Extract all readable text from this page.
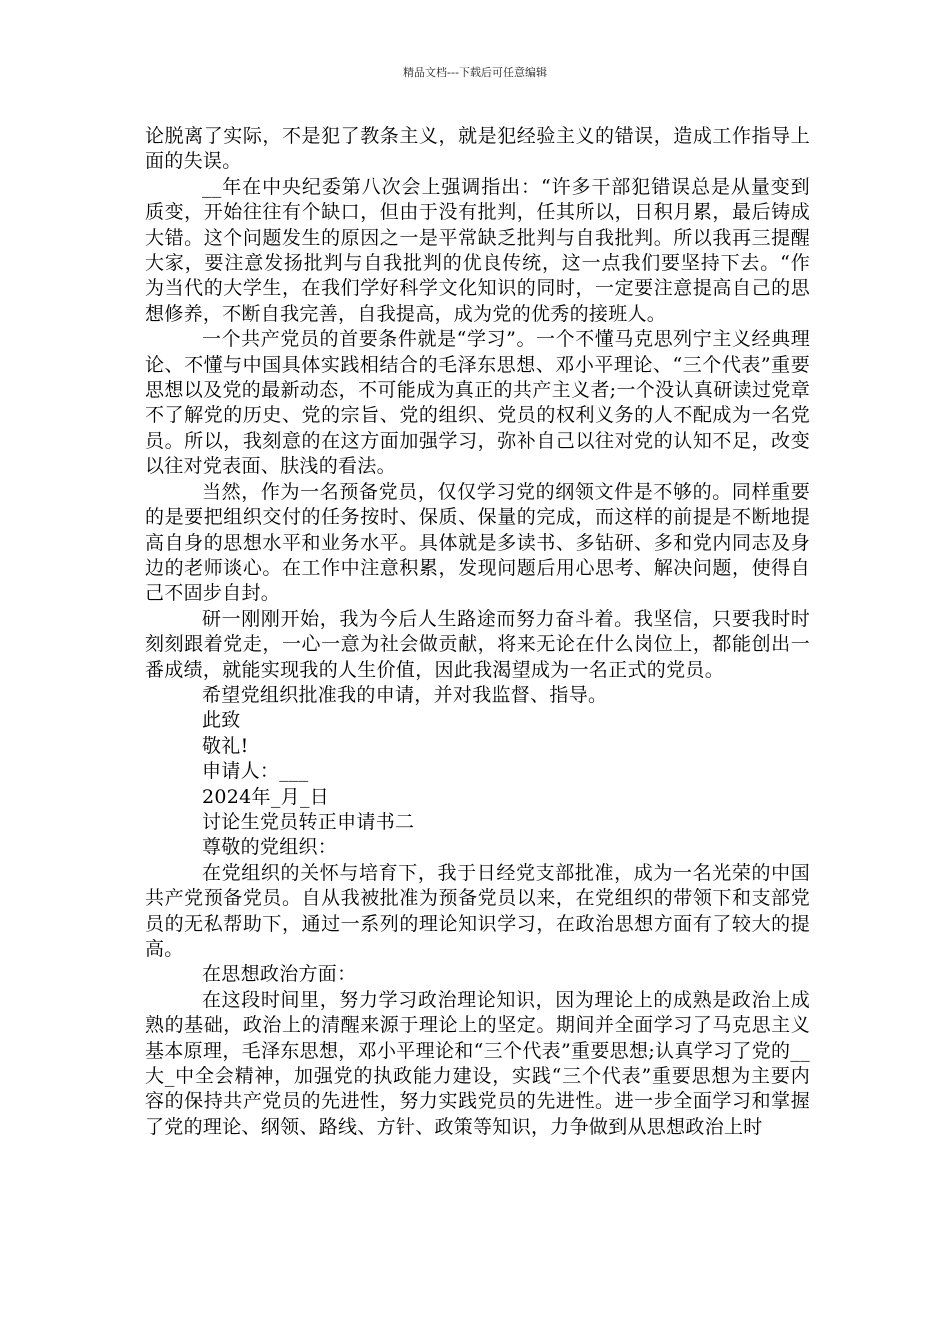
精品文档---下载后可任意编辑

论脱离了实际，不是犯了教条主义，就是犯经验主义的错误，造成工作指导上面的失误。

__年在中央纪委第八次会上强调指出：“许多干部犯错误总是从量变到质变，开始往往有个缺口，但由于没有批判，任其所以，日积月累，最后铸成大错。这个问题发生的原因之一是平常缺乏批判与自我批判。所以我再三提醒大家，要注意发扬批判与自我批判的优良传统，这一点我们要坚持下去。“作为当代的大学生，在我们学好科学文化知识的同时，一定要注意提高自己的思想修养，不断自我完善，自我提高，成为党的优秀的接班人。

一个共产党员的首要条件就是“学习”。一个不懂马克思列宁主义经典理论、不懂与中国具体实践相结合的毛泽东思想、邓小平理论、“三个代表”重要思想以及党的最新动态，不可能成为真正的共产主义者;一个没认真研读过党章不了解党的历史、党的宗旨、党的组织、党员的权利义务的人不配成为一名党员。所以，我刻意的在这方面加强学习，弥补自己以往对党的认知不足，改变以往对党表面、肤浅的看法。

当然，作为一名预备党员，仅仅学习党的纲领文件是不够的。同样重要的是要把组织交付的任务按时、保质、保量的完成，而这样的前提是不断地提高自身的思想水平和业务水平。具体就是多读书、多钻研、多和党内同志及身边的老师谈心。在工作中注意积累，发现问题后用心思考、解决问题，使得自己不固步自封。

研一刚刚开始，我为今后人生路途而努力奋斗着。我坚信，只要我时时刻刻跟着党走，一心一意为社会做贡献，将来无论在什么岗位上，都能创出一番成绩，就能实现我的人生价值，因此我渴望成为一名正式的党员。

希望党组织批准我的申请，并对我监督、指导。

此致

敬礼!

申请人：___

2024年_月_日

讨论生党员转正申请书二

尊敬的党组织：

在党组织的关怀与培育下，我于日经党支部批准，成为一名光荣的中国共产党预备党员。自从我被批准为预备党员以来，在党组织的带领下和支部党员的无私帮助下，通过一系列的理论知识学习，在政治思想方面有了较大的提高。

在思想政治方面：

在这段时间里，努力学习政治理论知识，因为理论上的成熟是政治上成熟的基础，政治上的清醒来源于理论上的坚定。期间并全面学习了马克思主义基本原理，毛泽东思想，邓小平理论和“三个代表”重要思想;认真学习了党的__大_中全会精神，加强党的执政能力建设，实践“三个代表”重要思想为主要内容的保持共产党员的先进性，努力实践党员的先进性。进一步全面学习和掌握了党的理论、纲领、路线、方针、政策等知识，力争做到从思想政治上时
